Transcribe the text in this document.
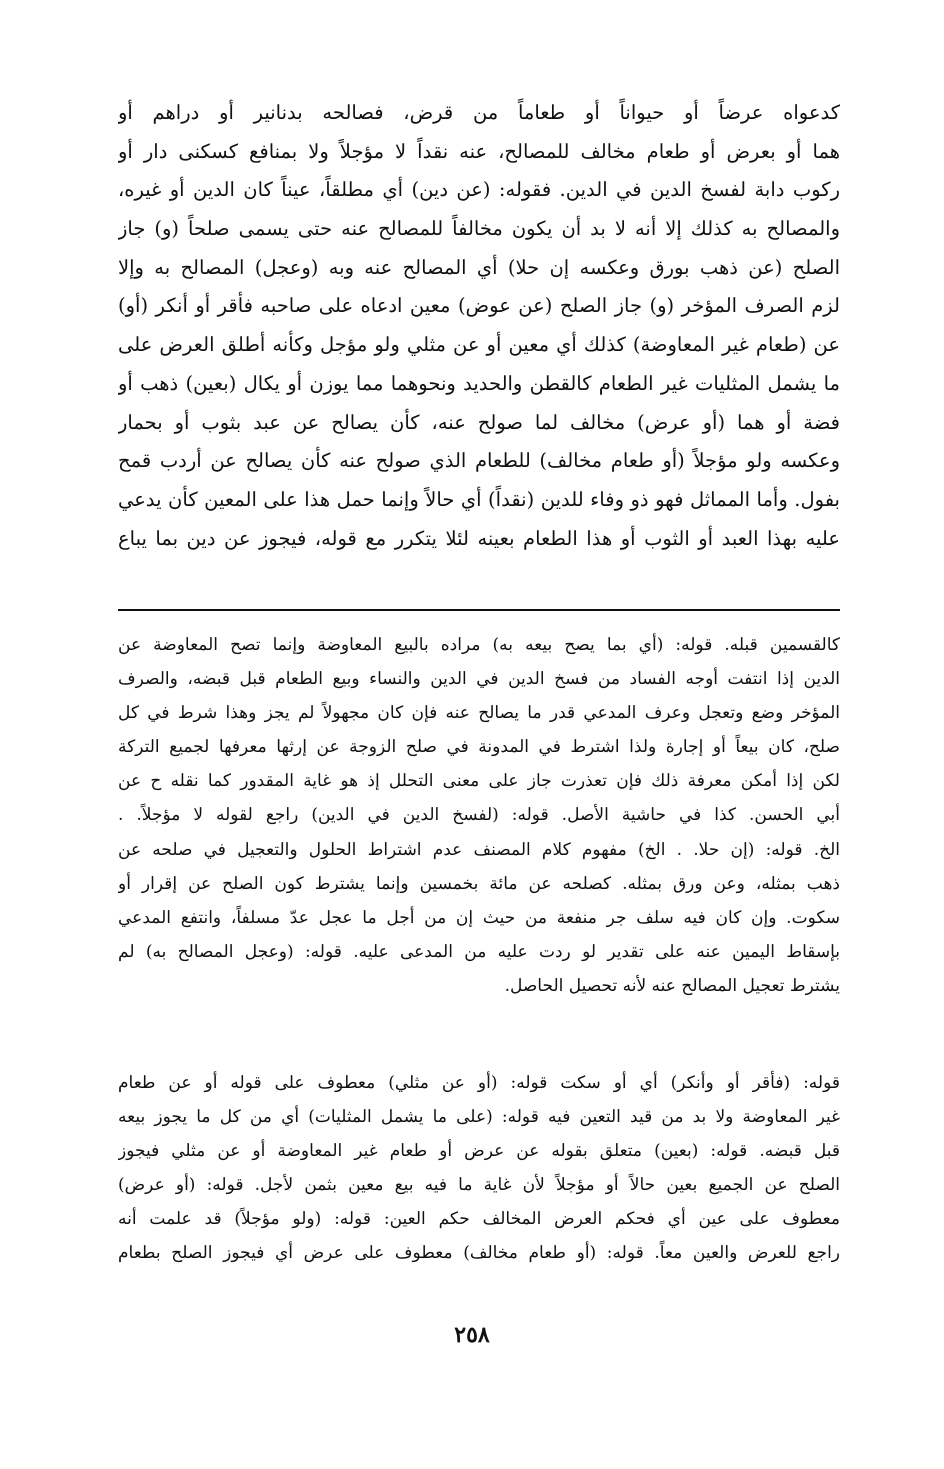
كدعواه عرضاً أو حيواناً أو طعاماً من قرض، فصالحه بدنانير أو دراهم أو
هما أو بعرض أو طعام مخالف للمصالح، عنه نقداً لا مؤجلاً ولا بمنافع كسكنى دار أو
ركوب دابة لفسخ الدين في الدين. فقوله: (عن دين) أي مطلقاً، عيناً كان الدين أو غيره،
والمصالح به كذلك إلا أنه لا بد أن يكون مخالفاً للمصالح عنه حتى يسمى صلحاً (و) جاز
الصلح (عن ذهب بورق وعكسه إن حلا) أي المصالح عنه وبه (وعجل) المصالح به وإلا
لزم الصرف المؤخر (و) جاز الصلح (عن عوض) معين ادعاه على صاحبه فأقر أو أنكر (أو)
عن (طعام غير المعاوضة) كذلك أي معين أو عن مثلي ولو مؤجل وكأنه أطلق العرض على
ما يشمل المثليات غير الطعام كالقطن والحديد ونحوهما مما يوزن أو يكال (بعين) ذهب أو
فضة أو هما (أو عرض) مخالف لما صولح عنه، كأن يصالح عن عبد بثوب أو بحمار
وعكسه ولو مؤجلاً (أو طعام مخالف) للطعام الذي صولح عنه كأن يصالح عن أردب قمح
بفول. وأما المماثل فهو ذو وفاء للدين (نقداً) أي حالاً وإنما حمل هذا على المعين كأن يدعي
عليه بهذا العبد أو الثوب أو هذا الطعام بعينه لئلا يتكرر مع قوله، فيجوز عن دين بما يباع
كالقسمين قبله. قوله: (أي بما يصح بيعه به) مراده بالبيع المعاوضة وإنما تصح المعاوضة عن
الدين إذا انتفت أوجه الفساد من فسخ الدين في الدين والنساء وبيع الطعام قبل قبضه، والصرف
المؤخر وضع وتعجل وعرف المدعي قدر ما يصالح عنه فإن كان مجهولاً لم يجز وهذا شرط في كل
صلح، كان بيعاً أو إجارة ولذا اشترط في المدونة في صلح الزوجة عن إرثها معرفها لجميع التركة
لكن إذا أمكن معرفة ذلك فإن تعذرت جاز على معنى التحلل إذ هو غاية المقدور كما نقله ح عن
أبي الحسن. كذا في حاشية الأصل. قوله: (لفسخ الدين في الدين) راجع لقوله لا مؤجلاً. .
الخ. قوله: (إن حلا. . الخ) مفهوم كلام المصنف عدم اشتراط الحلول والتعجيل في صلحه عن
ذهب بمثله، وعن ورق بمثله. كصلحه عن مائة بخمسين وإنما يشترط كون الصلح عن إقرار أو
سكوت. وإن كان فيه سلف جر منفعة من حيث إن من أجل ما عجل عدّ مسلفاً، وانتفع المدعي
بإسقاط اليمين عنه على تقدير لو ردت عليه من المدعى عليه. قوله: (وعجل المصالح به) لم
يشترط تعجيل المصالح عنه لأنه تحصيل الحاصل.
قوله: (فأقر أو وأنكر) أي أو سكت قوله: (أو عن مثلي) معطوف على قوله أو عن طعام
غير المعاوضة ولا بد من قيد التعين فيه قوله: (على ما يشمل المثليات) أي من كل ما يجوز بيعه
قبل قبضه. قوله: (بعين) متعلق بقوله عن عرض أو طعام غير المعاوضة أو عن مثلي فيجوز
الصلح عن الجميع بعين حالاً أو مؤجلاً لأن غاية ما فيه بيع معين بثمن لأجل. قوله: (أو عرض)
معطوف على عين أي فحكم العرض المخالف حكم العين: قوله: (ولو مؤجلاً) قد علمت أنه
راجع للعرض والعين معاً. قوله: (أو طعام مخالف) معطوف على عرض أي فيجوز الصلح بطعام
٢٥٨
